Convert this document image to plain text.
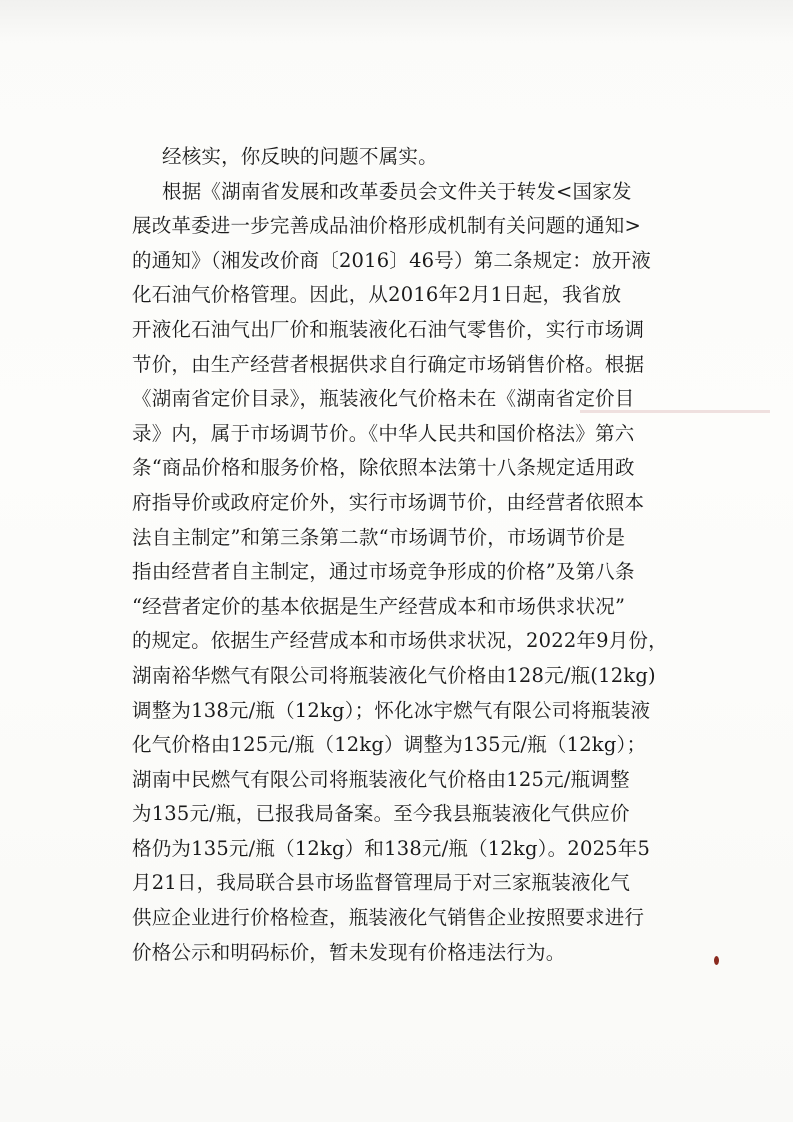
经核实，你反映的问题不属实。
根据《湖南省发展和改革委员会文件关于转发<国家发
展改革委进一步完善成品油价格形成机制有关问题的通知>
的通知》（湘发改价商〔2016〕46号）第二条规定：放开液
化石油气价格管理。因此，从2016年2月1日起，我省放
开液化石油气出厂价和瓶装液化石油气零售价，实行市场调
节价，由生产经营者根据供求自行确定市场销售价格。根据
《湖南省定价目录》，瓶装液化气价格未在《湖南省定价目
录》内，属于市场调节价。《中华人民共和国价格法》第六
条“商品价格和服务价格，除依照本法第十八条规定适用政
府指导价或政府定价外，实行市场调节价，由经营者依照本
法自主制定”和第三条第二款“市场调节价，市场调节价是
指由经营者自主制定，通过市场竞争形成的价格”及第八条
“经营者定价的基本依据是生产经营成本和市场供求状况”
的规定。依据生产经营成本和市场供求状况，2022年9月份，
湖南裕华燃气有限公司将瓶装液化气价格由128元/瓶(12kg)
调整为138元/瓶（12kg）；怀化冰宇燃气有限公司将瓶装液
化气价格由125元/瓶（12kg）调整为135元/瓶（12kg）；
湖南中民燃气有限公司将瓶装液化气价格由125元/瓶调整
为135元/瓶，已报我局备案。至今我县瓶装液化气供应价
格仍为135元/瓶（12kg）和138元/瓶（12kg）。2025年5
月21日，我局联合县市场监督管理局于对三家瓶装液化气
供应企业进行价格检查，瓶装液化气销售企业按照要求进行
价格公示和明码标价，暂未发现有价格违法行为。
